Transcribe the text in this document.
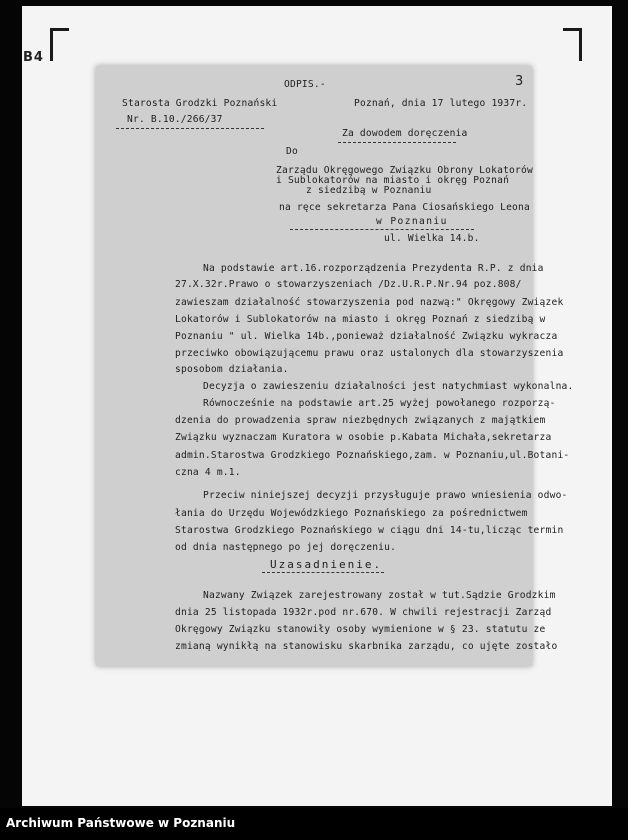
B4
ODPIS.-	3
Starosta Grodzki Poznański	Poznań, dnia 17 lutego 1937r.
Nr. B.10./266/37
Za dowodem doręczenia
Do
Zarządu Okręgowego Związku Obrony Lokatorów
i Sublokatorów na miasto i okręg Poznań
z siedzibą w Poznaniu
na ręce sekretarza Pana Ciosańskiego Leona
w Poznaniu
ul. Wielka 14.b.
Na podstawie art.16.rozporządzenia Prezydenta R.P. z dnia
27.X.32r.Prawo o stowarzyszeniach /Dz.U.R.P.Nr.94 poz.808/
zawieszam działalność stowarzyszenia pod nazwą:" Okręgowy Związek
Lokatorów i Sublokatorów na miasto i okręg Poznań z siedzibą w
Poznaniu " ul. Wielka 14b.,ponieważ działalność Związku wykracza
przeciwko obowiązującemu prawu oraz ustalonych dla stowarzyszenia
sposobom działania.
Decyzja o zawieszeniu działalności jest natychmiast wykonalna.
Równocześnie na podstawie art.25 wyżej powołanego rozporzą-
dzenia do prowadzenia spraw niezbędnych związanych z majątkiem
Związku wyznaczam Kuratora w osobie p.Kabata Michała,sekretarza
admin.Starostwa Grodzkiego Poznańskiego,zam. w Poznaniu,ul.Botani-
czna 4 m.1.
Przeciw niniejszej decyzji przysługuje prawo wniesienia odwo-
łania do Urzędu Wojewódzkiego Poznańskiego za pośrednictwem
Starostwa Grodzkiego Poznańskiego w ciągu dni 14-tu,licząc termin
od dnia następnego po jej doręczeniu.
Uzasadnienie.
Nazwany Związek zarejestrowany został w tut.Sądzie Grodzkim
dnia 25 listopada 1932r.pod nr.670. W chwili rejestracji Zarząd
Okręgowy Związku stanowiły osoby wymienione w § 23. statutu ze
zmianą wynikłą na stanowisku skarbnika zarządu, co ujęte zostało
Archiwum Państwowe w Poznaniu
